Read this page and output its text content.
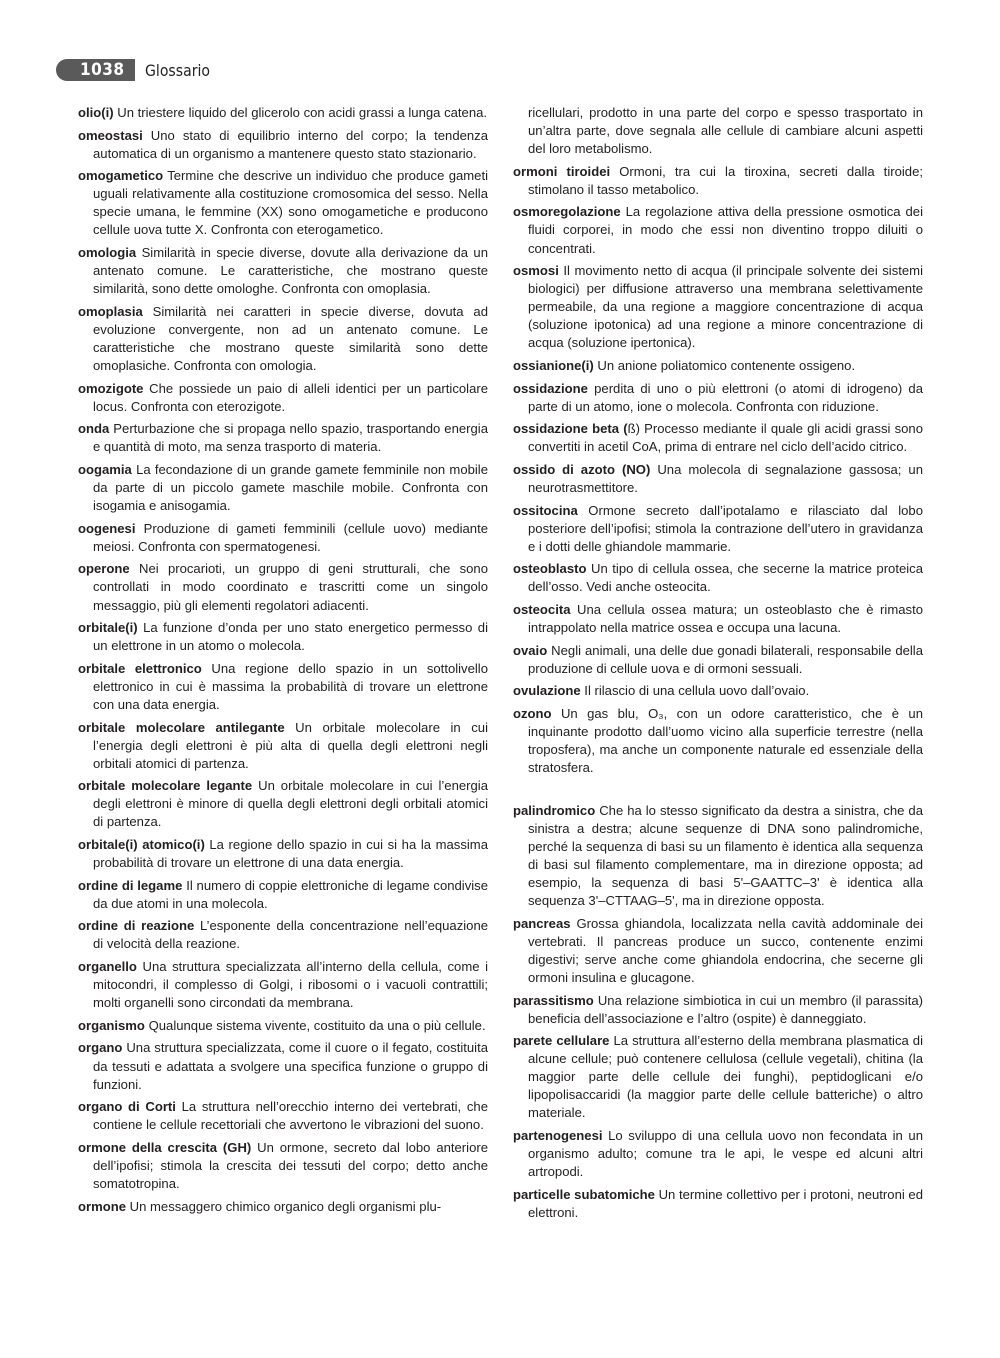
1038	Glossario

olio(i) Un triestere liquido del glicerolo con acidi grassi a lunga catena.

omeostasi Uno stato di equilibrio interno del corpo; la tendenza automatica di un organismo a mantenere questo stato stazionario.

omogametico Termine che descrive un individuo che produce gameti uguali relativamente alla costituzione cromosomica del sesso. Nella specie umana, le femmine (XX) sono omogametiche e producono cellule uova tutte X. Confronta con eterogametico.

omologia Similarità in specie diverse, dovute alla derivazione da un antenato comune. Le caratteristiche, che mostrano queste similarità, sono dette omologhe. Confronta con omoplasia.

omoplasia Similarità nei caratteri in specie diverse, dovuta ad evoluzione convergente, non ad un antenato comune. Le caratteristiche che mostrano queste similarità sono dette omoplasiche. Confronta con omologia.

omozigote Che possiede un paio di alleli identici per un particolare locus. Confronta con eterozigote.

onda Perturbazione che si propaga nello spazio, trasportando energia e quantità di moto, ma senza trasporto di materia.

oogamia La fecondazione di un grande gamete femminile non mobile da parte di un piccolo gamete maschile mobile. Confronta con isogamia e anisogamia.

oogenesi Produzione di gameti femminili (cellule uovo) mediante meiosi. Confronta con spermatogenesi.

operone Nei procarioti, un gruppo di geni strutturali, che sono controllati in modo coordinato e trascritti come un singolo messaggio, più gli elementi regolatori adiacenti.

orbitale(i) La funzione d’onda per uno stato energetico permesso di un elettrone in un atomo o molecola.

orbitale elettronico Una regione dello spazio in un sottolivello elettronico in cui è massima la probabilità di trovare un elettrone con una data energia.

orbitale molecolare antilegante Un orbitale molecolare in cui l’energia degli elettroni è più alta di quella degli elettroni negli orbitali atomici di partenza.

orbitale molecolare legante Un orbitale molecolare in cui l’energia degli elettroni è minore di quella degli elettroni degli orbitali atomici di partenza.

orbitale(i) atomico(i) La regione dello spazio in cui si ha la massima probabilità di trovare un elettrone di una data energia.

ordine di legame Il numero di coppie elettroniche di legame condivise da due atomi in una molecola.

ordine di reazione L’esponente della concentrazione nell’equazione di velocità della reazione.

organello Una struttura specializzata all’interno della cellula, come i mitocondri, il complesso di Golgi, i ribosomi o i vacuoli contrattili; molti organelli sono circondati da membrana.

organismo Qualunque sistema vivente, costituito da una o più cellule.

organo Una struttura specializzata, come il cuore o il fegato, costituita da tessuti e adattata a svolgere una specifica funzione o gruppo di funzioni.

organo di Corti La struttura nell’orecchio interno dei vertebrati, che contiene le cellule recettoriali che avvertono le vibrazioni del suono.

ormone della crescita (GH) Un ormone, secreto dal lobo anteriore dell’ipofisi; stimola la crescita dei tessuti del corpo; detto anche somatotropina.

ormone Un messaggero chimico organico degli organismi plu-

ricellulari, prodotto in una parte del corpo e spesso trasportato in un’altra parte, dove segnala alle cellule di cambiare alcuni aspetti del loro metabolismo.

ormoni tiroidei Ormoni, tra cui la tiroxina, secreti dalla tiroide; stimolano il tasso metabolico.

osmoregolazione La regolazione attiva della pressione osmotica dei fluidi corporei, in modo che essi non diventino troppo diluiti o concentrati.

osmosi Il movimento netto di acqua (il principale solvente dei sistemi biologici) per diffusione attraverso una membrana selettivamente permeabile, da una regione a maggiore concentrazione di acqua (soluzione ipotonica) ad una regione a minore concentrazione di acqua (soluzione ipertonica).

ossianione(i) Un anione poliatomico contenente ossigeno.

ossidazione perdita di uno o più elettroni (o atomi di idrogeno) da parte di un atomo, ione o molecola. Confronta con riduzione.

ossidazione beta (ß) Processo mediante il quale gli acidi grassi sono convertiti in acetil CoA, prima di entrare nel ciclo dell’acido citrico.

ossido di azoto (NO) Una molecola di segnalazione gassosa; un neurotrasmettitore.

ossitocina Ormone secreto dall’ipotalamo e rilasciato dal lobo posteriore dell’ipofisi; stimola la contrazione dell’utero in gravidanza e i dotti delle ghiandole mammarie.

osteoblasto Un tipo di cellula ossea, che secerne la matrice proteica dell’osso. Vedi anche osteocita.

osteocita Una cellula ossea matura; un osteoblasto che è rimasto intrappolato nella matrice ossea e occupa una lacuna.

ovaio Negli animali, una delle due gonadi bilaterali, responsabile della produzione di cellule uova e di ormoni sessuali.

ovulazione Il rilascio di una cellula uovo dall’ovaio.

ozono Un gas blu, O₃, con un odore caratteristico, che è un inquinante prodotto dall’uomo vicino alla superficie terrestre (nella troposfera), ma anche un componente naturale ed essenziale della stratosfera.

palindromico Che ha lo stesso significato da destra a sinistra, che da sinistra a destra; alcune sequenze di DNA sono palindromiche, perché la sequenza di basi su un filamento è identica alla sequenza di basi sul filamento complementare, ma in direzione opposta; ad esempio, la sequenza di basi 5'–GAATTC–3' è identica alla sequenza 3'–CTTAAG–5', ma in direzione opposta.

pancreas Grossa ghiandola, localizzata nella cavità addominale dei vertebrati. Il pancreas produce un succo, contenente enzimi digestivi; serve anche come ghiandola endocrina, che secerne gli ormoni insulina e glucagone.

parassitismo Una relazione simbiotica in cui un membro (il parassita) beneficia dell’associazione e l’altro (ospite) è danneggiato.

parete cellulare La struttura all’esterno della membrana plasmatica di alcune cellule; può contenere cellulosa (cellule vegetali), chitina (la maggior parte delle cellule dei funghi), peptidoglicani e/o lipopolisaccaridi (la maggior parte delle cellule batteriche) o altro materiale.

partenogenesi Lo sviluppo di una cellula uovo non fecondata in un organismo adulto; comune tra le api, le vespe ed alcuni altri artropodi.

particelle subatomiche Un termine collettivo per i protoni, neutroni ed elettroni.
